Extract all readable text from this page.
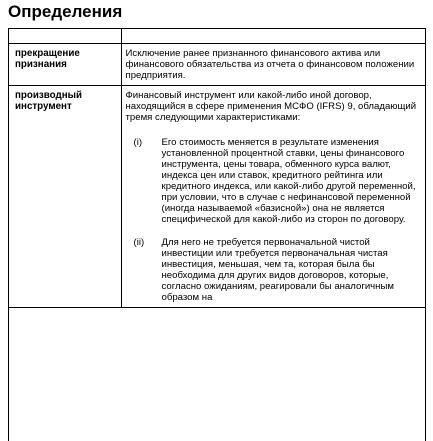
Определения

прекращение признания	Исключение ранее признанного финансового актива или финансового обязательства из отчета о финансовом положении предприятия.
производный инструмент	Финансовый инструмент или какой-либо иной договор, находящийся в сфере применения МСФО (IFRS) 9, обладающий тремя следующими характеристиками:
(i) Его стоимость меняется в результате изменения установленной процентной ставки, цены финансового инструмента, цены товара, обменного курса валют, индекса цен или ставок, кредитного рейтинга или кредитного индекса, или какой-либо другой переменной, при условии, что в случае с нефинансовой переменной (иногда называемой «базисной») она не является специфической для какой-либо из сторон по договору.
(ii) Для него не требуется первоначальной чистой инвестиции или требуется первоначальная чистая инвестиция, меньшая, чем та, которая была бы необходима для других видов договоров, которые, согласно ожиданиям, реагировали бы аналогичным образом на
